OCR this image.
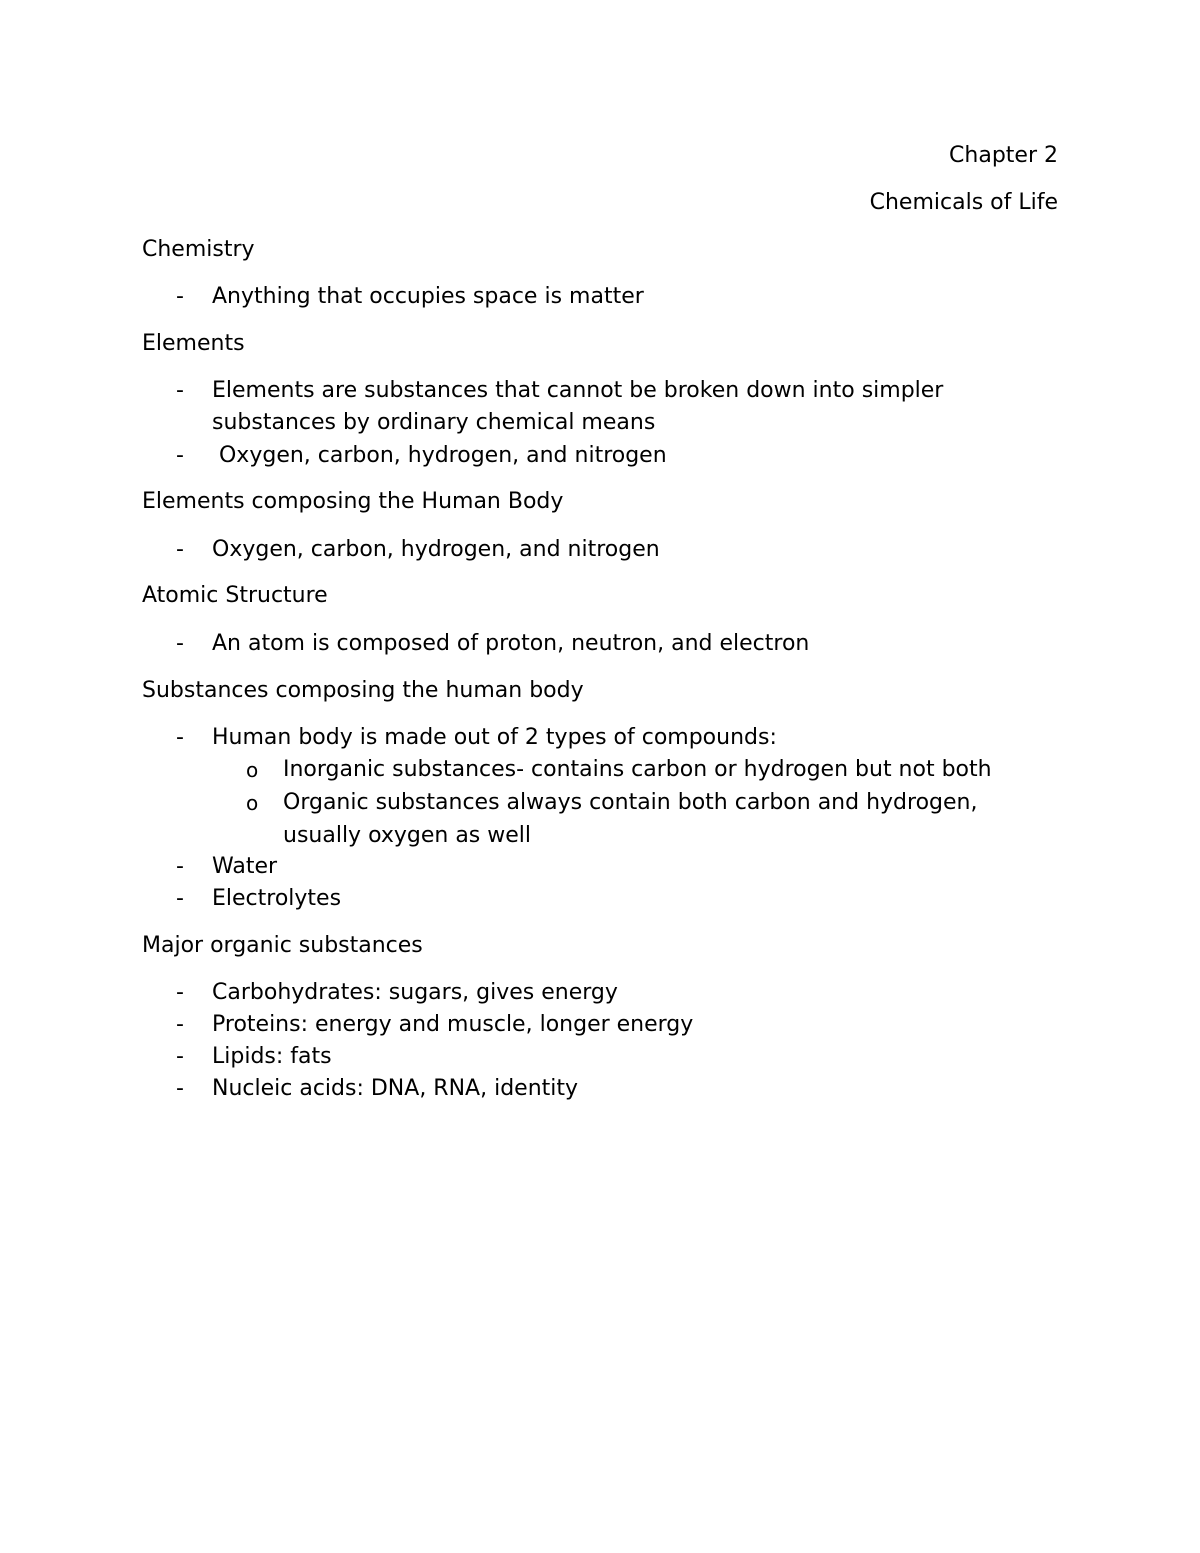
Chapter 2

Chemicals of Life

Chemistry
- Anything that occupies space is matter
Elements
- Elements are substances that cannot be broken down into simpler
substances by ordinary chemical means
- Oxygen, carbon, hydrogen, and nitrogen
Elements composing the Human Body
- Oxygen, carbon, hydrogen, and nitrogen
Atomic Structure
- An atom is composed of proton, neutron, and electron
Substances composing the human body
- Human body is made out of 2 types of compounds:
o Inorganic substances- contains carbon or hydrogen but not both
o Organic substances always contain both carbon and hydrogen,
usually oxygen as well
- Water
- Electrolytes
Major organic substances
- Carbohydrates: sugars, gives energy
- Proteins: energy and muscle, longer energy
- Lipids: fats
- Nucleic acids: DNA, RNA, identity
